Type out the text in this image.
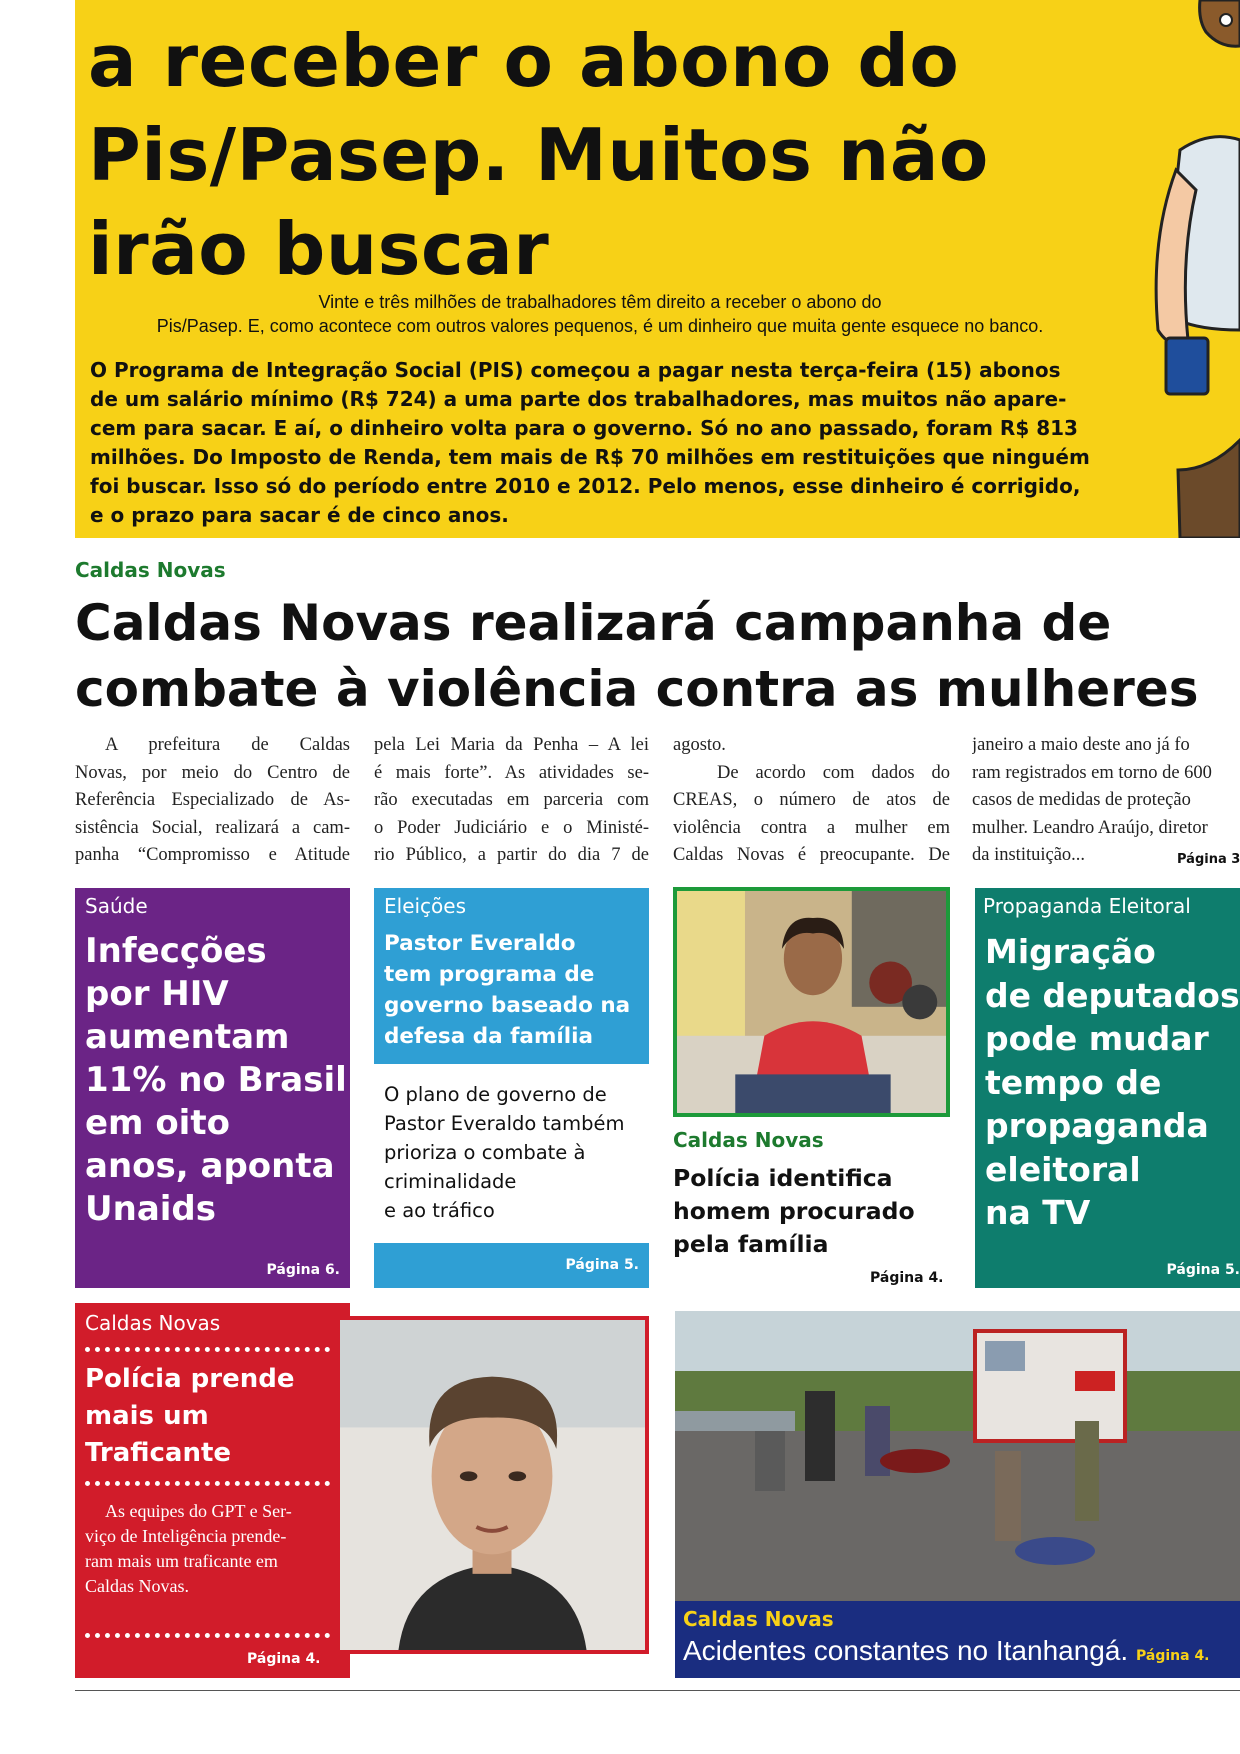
a receber o abono do
Pis/Pasep. Muitos não
irão buscar
Vinte e três milhões de trabalhadores têm direito a receber o abono do
Pis/Pasep. E, como acontece com outros valores pequenos, é um dinheiro que muita gente esquece no banco.
O Programa de Integração Social (PIS) começou a pagar nesta terça-feira (15) abonos
de um salário mínimo (R$ 724) a uma parte dos trabalhadores, mas muitos não apare-
cem para sacar. E aí, o dinheiro volta para o governo. Só no ano passado, foram R$ 813
milhões. Do Imposto de Renda, tem mais de R$ 70 milhões em restituições que ninguém
foi buscar. Isso só do período entre 2010 e 2012. Pelo menos, esse dinheiro é corrigido,
e o prazo para sacar é de cinco anos.
Caldas Novas
Caldas Novas realizará campanha de
combate à violência contra as mulheres
A prefeitura de Caldas
Novas, por meio do Centro de
Referência Especializado de As-
sistência Social, realizará a cam-
panha “Compromisso e Atitude
pela Lei Maria da Penha – A lei
é mais forte”. As atividades se-
rão executadas em parceria com
o Poder Judiciário e o Ministé-
rio Público, a partir do dia 7 de
agosto.
De acordo com dados do
CREAS, o número de atos de
violência contra a mulher em
Caldas Novas é preocupante. De
janeiro a maio deste ano já fo
ram registrados em torno de 600
casos de medidas de proteção
mulher. Leandro Araújo, diretor
da instituição...	Página 3
Saúde
Infecções
por HIV
aumentam
11% no Brasil
em oito
anos, aponta
Unaids
Página 6.
Eleições
Pastor Everaldo
tem programa de
governo baseado na
defesa da família
O plano de governo de
Pastor Everaldo também
prioriza o combate à
criminalidade
e ao tráfico
Página 5.
Caldas Novas
Polícia identifica
homem procurado
pela família
Página 4.
Propaganda Eleitoral
Migração
de deputados
pode mudar
tempo de
propaganda
eleitoral
na TV
Página 5.
Caldas Novas
Polícia prende
mais um
Traficante
As equipes do GPT e Ser-
viço de Inteligência prende-
ram mais um traficante em
Caldas Novas.
Página 4.
Caldas Novas
Acidentes constantes no Itanhangá. Página 4.
